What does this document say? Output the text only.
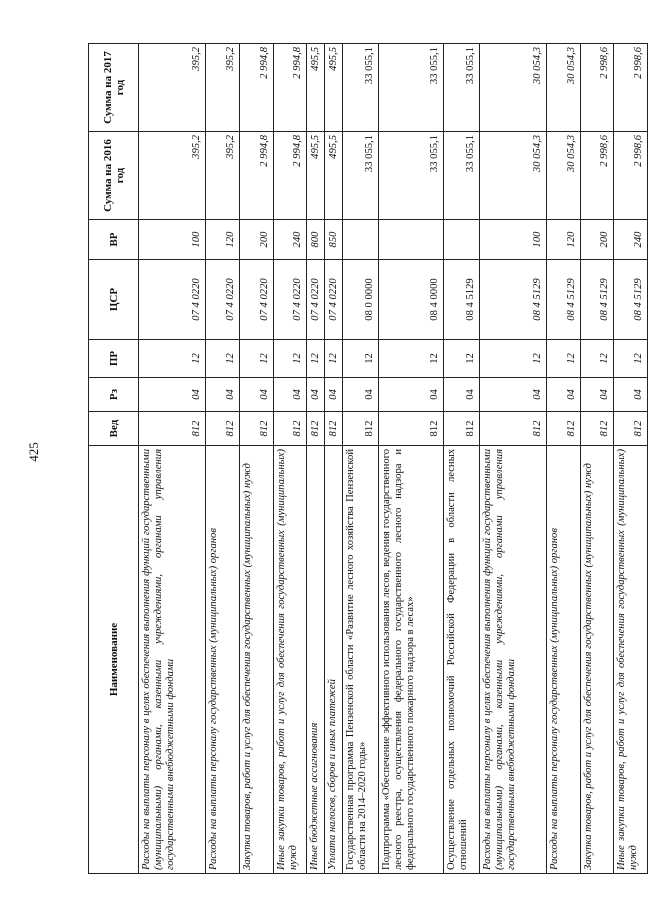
425
Наименование	Вед	Рз	ПР	ЦСР	ВР	Сумма на 2016 год	Сумма на 2017 год
Расходы на выплаты персоналу в целях обеспечения выполнения функций государственными (муниципальными) органами, казенными учреждениями, органами управления государственными внебюджетными фондами	812	04	12	07 4 0220	100	395,2	395,2
Расходы на выплаты персоналу государственных (муниципальных) органов	812	04	12	07 4 0220	120	395,2	395,2
Закупка товаров, работ и услуг для обеспечения государственных (муниципальных) нужд	812	04	12	07 4 0220	200	2 994,8	2 994,8
Иные закупки товаров, работ и услуг для обеспечения государственных (муниципальных) нужд	812	04	12	07 4 0220	240	2 994,8	2 994,8
Иные бюджетные ассигнования	812	04	12	07 4 0220	800	495,5	495,5
Уплата налогов, сборов и иных платежей	812	04	12	07 4 0220	850	495,5	495,5
Государственная программа Пензенской области «Развитие лесного хозяйства Пензенской области на 2014–2020 годы»	812	04	12	08 0 0000		33 055,1	33 055,1
Подпрограмма «Обеспечение эффективного использования лесов, ведения государственного лесного реестра, осуществления федерального государственного лесного надзора и федерального государственного пожарного надзора в лесах»	812	04	12	08 4 0000		33 055,1	33 055,1
Осуществление отдельных полномочий Российской Федерации в области лесных отношений	812	04	12	08 4 5129		33 055,1	33 055,1
Расходы на выплаты персоналу в целях обеспечения выполнения функций государственными (муниципальными) органами, казенными учреждениями, органами управления государственными внебюджетными фондами	812	04	12	08 4 5129	100	30 054,3	30 054,3
Расходы на выплаты персоналу государственных (муниципальных) органов	812	04	12	08 4 5129	120	30 054,3	30 054,3
Закупка товаров, работ и услуг для обеспечения государственных (муниципальных) нужд	812	04	12	08 4 5129	200	2 998,6	2 998,6
Иные закупки товаров, работ и услуг для обеспечения государственных (муниципальных) нужд	812	04	12	08 4 5129	240	2 998,6	2 998,6
